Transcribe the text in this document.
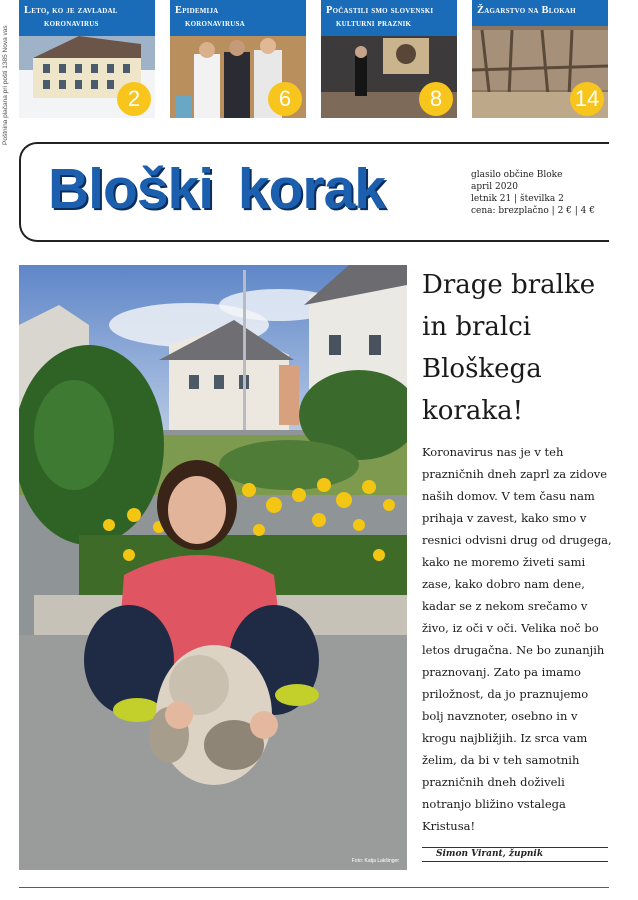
Poštnina plačana pri pošti 1385 Nova vas
Leto, ko je zavladal
koronavirus
2
Epidemija
koronavirusa
6
Počastili smo slovenski
kulturni praznik
8
Žagarstvo na Blokah
14
Bloški korak	glasilo občine Bloke
april 2020
letnik 21 | številka 2
cena: brezplačno | 2 € | 4 €
Foto: Katja Lakšinger
Drage bralke
in bralci
Bloškega
koraka!
Koronavirus nas je v teh prazničnih dneh zaprl za zidove naših domov. V tem času nam prihaja v zavest, kako smo v resnici odvisni drug od drugega, kako ne moremo živeti sami zase, kako dobro nam dene, kadar se z nekom srečamo v živo, iz oči v oči. Velika noč bo letos drugačna. Ne bo zunanjih praznovanj. Zato pa imamo priložnost, da jo praznujemo bolj navznoter, osebno in v krogu najbližjih. Iz srca vam želim, da bi v teh samotnih prazničnih dneh doživeli notranjo bližino vstalega Kristusa!
Simon Virant, župnik
